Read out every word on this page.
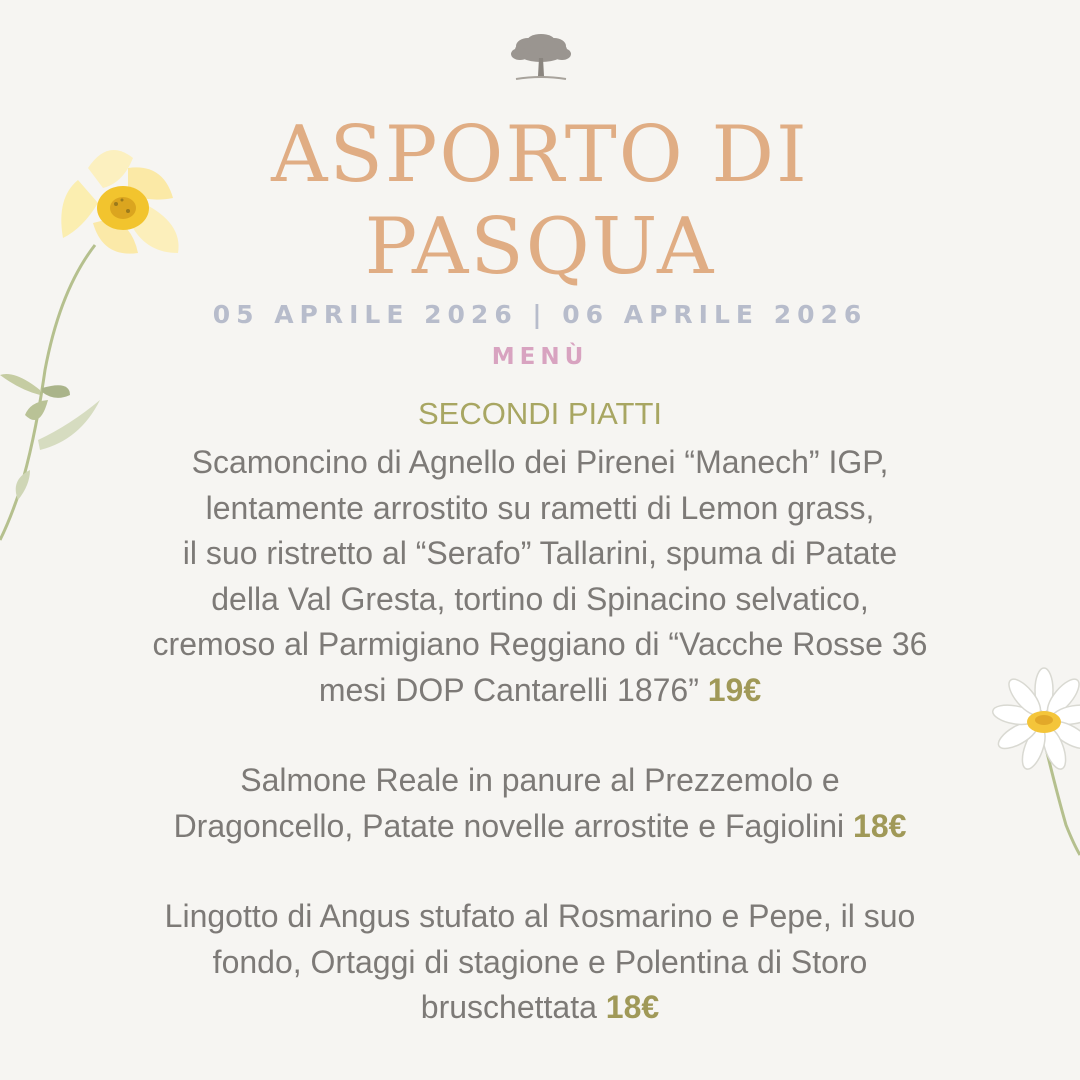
ASPORTO DI
PASQUA
05 APRILE 2026 | 06 APRILE 2026
MENÙ
SECONDI PIATTI
Scamoncino di Agnello dei Pirenei “Manech” IGP,
lentamente arrostito su rametti di Lemon grass,
il suo ristretto al “Serafo” Tallarini, spuma di Patate
della Val Gresta, tortino di Spinacino selvatico,
cremoso al Parmigiano Reggiano di “Vacche Rosse 36
mesi DOP Cantarelli 1876” 19€
Salmone Reale in panure al Prezzemolo e
Dragoncello, Patate novelle arrostite e Fagiolini 18€
Lingotto di Angus stufato al Rosmarino e Pepe, il suo
fondo, Ortaggi di stagione e Polentina di Storo
bruschettata 18€
